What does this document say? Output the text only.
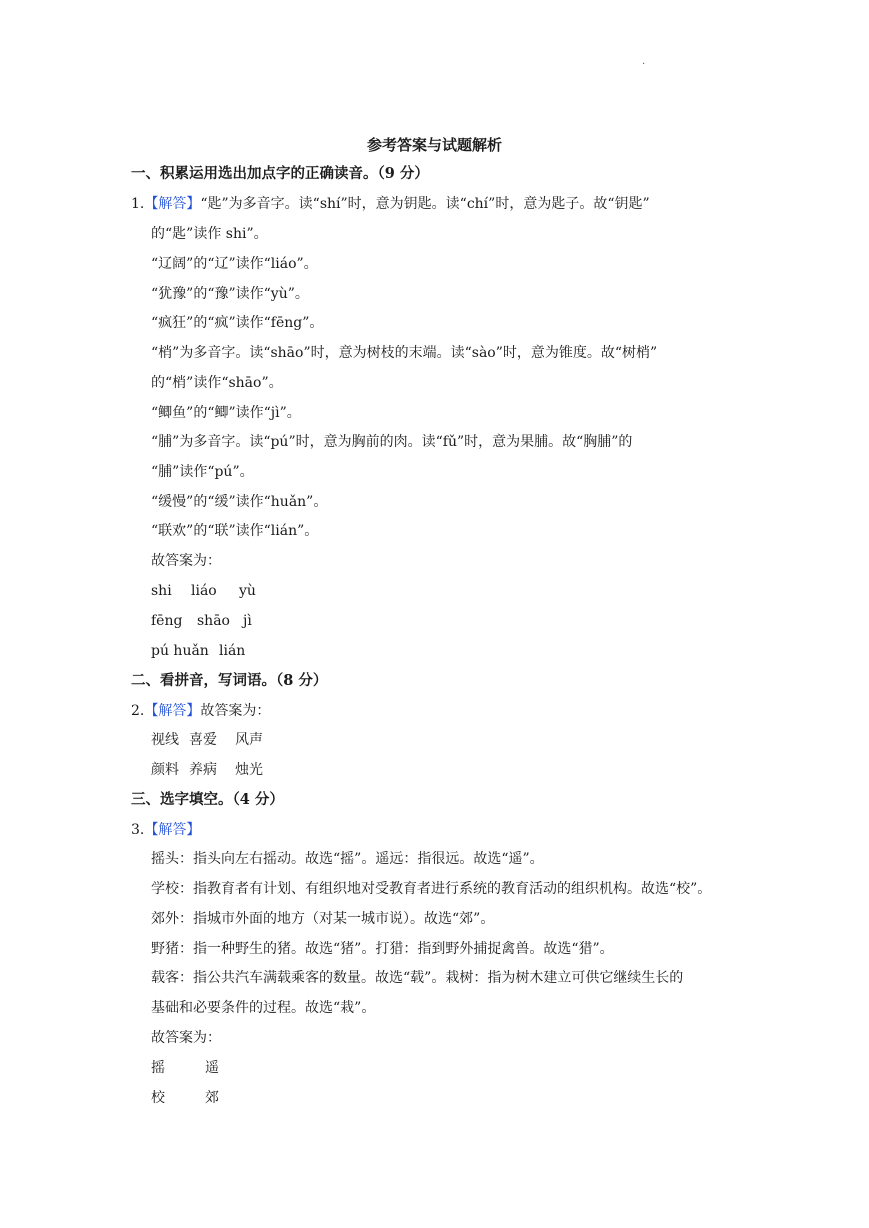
.
参考答案与试题解析
一、积累运用选出加点字的正确读音。（9 分）
1.【解答】“匙”为多音字。读“shí”时，意为钥匙。读“chí”时，意为匙子。故“钥匙”
的“匙”读作 shi”。
“辽阔”的“辽”读作“liáo”。
“犹豫”的“豫”读作“yù”。
“疯狂”的“疯”读作“fēng”。
“梢”为多音字。读“shāo”时，意为树枝的末端。读“sào”时，意为锥度。故“树梢”
的“梢”读作“shāo”。
“鲫鱼”的“鲫”读作“jì”。
“脯”为多音字。读“pú”时，意为胸前的肉。读“fǔ”时，意为果脯。故“胸脯”的
“脯”读作“pú”。
“缓慢”的“缓”读作“huǎn”。
“联欢”的“联”读作“lián”。
故答案为：
shi liáo yù
fēng shāo jì
pú huǎn lián
二、看拼音，写词语。（8 分）
2.【解答】故答案为：
视线 喜爱 风声
颜料 养病 烛光
三、选字填空。（4 分）
3.【解答】
摇头：指头向左右摇动。故选“摇”。遥远：指很远。故选“遥”。
学校：指教育者有计划、有组织地对受教育者进行系统的教育活动的组织机构。故选“校”。
郊外：指城市外面的地方（对某一城市说）。故选“郊”。
野猪：指一种野生的猪。故选“猪”。打猎：指到野外捕捉禽兽。故选“猎”。
载客：指公共汽车满载乘客的数量。故选“载”。栽树：指为树木建立可供它继续生长的
基础和必要条件的过程。故选“栽”。
故答案为：
摇	遥
校	郊
